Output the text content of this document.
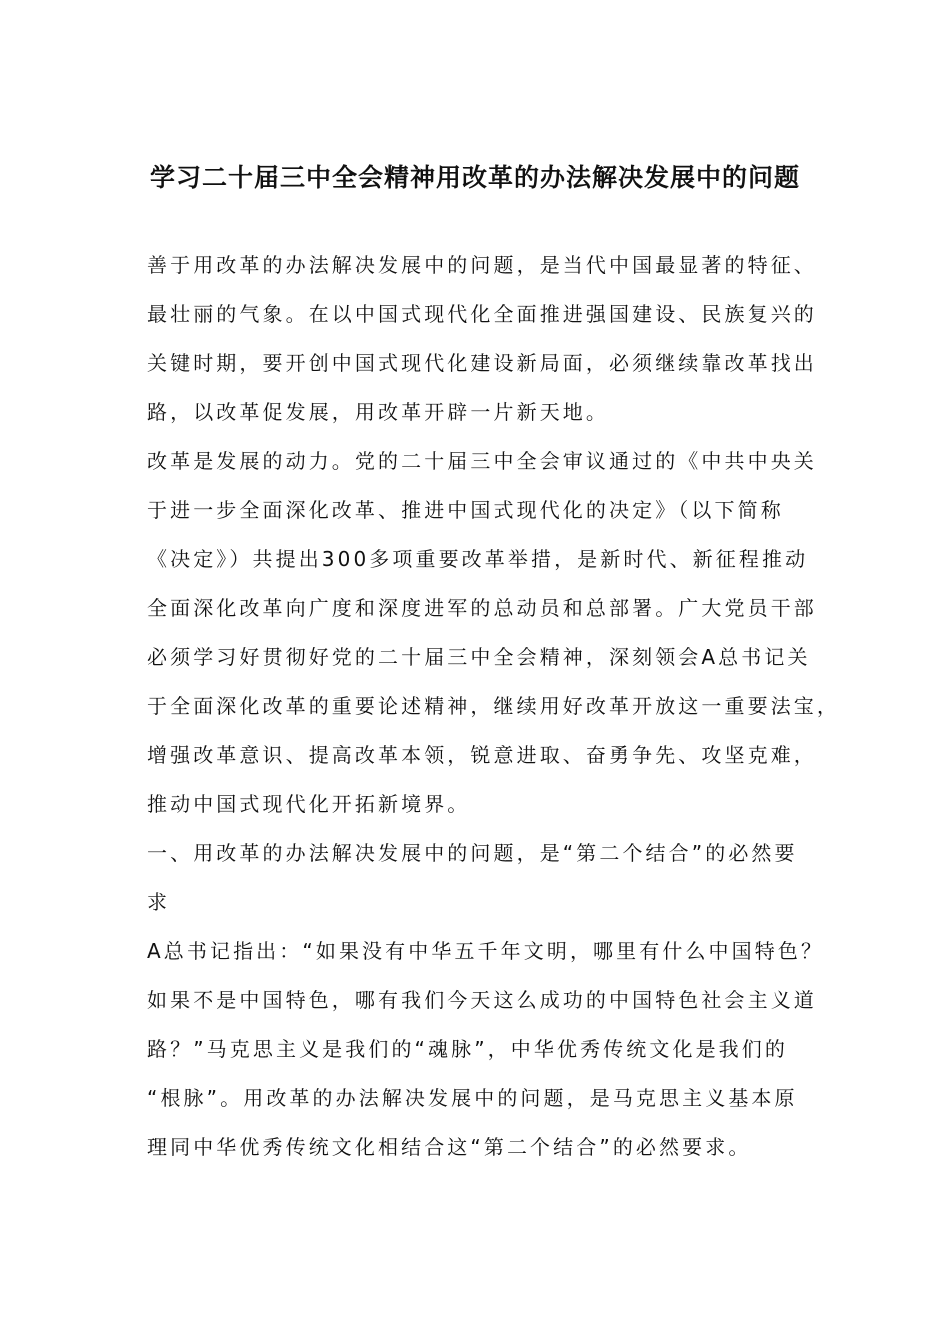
学习二十届三中全会精神用改革的办法解决发展中的问题
善于用改革的办法解决发展中的问题，是当代中国最显著的特征、
最壮丽的气象。在以中国式现代化全面推进强国建设、民族复兴的
关键时期，要开创中国式现代化建设新局面，必须继续靠改革找出
路，以改革促发展，用改革开辟一片新天地。
改革是发展的动力。党的二十届三中全会审议通过的《中共中央关
于进一步全面深化改革、推进中国式现代化的决定》（以下简称
《决定》）共提出300多项重要改革举措，是新时代、新征程推动
全面深化改革向广度和深度进军的总动员和总部署。广大党员干部
必须学习好贯彻好党的二十届三中全会精神，深刻领会A总书记关
于全面深化改革的重要论述精神，继续用好改革开放这一重要法宝，
增强改革意识、提高改革本领，锐意进取、奋勇争先、攻坚克难，
推动中国式现代化开拓新境界。
一、用改革的办法解决发展中的问题，是“第二个结合”的必然要
求
A总书记指出：“如果没有中华五千年文明，哪里有什么中国特色？
如果不是中国特色，哪有我们今天这么成功的中国特色社会主义道
路？”马克思主义是我们的“魂脉”，中华优秀传统文化是我们的
“根脉”。用改革的办法解决发展中的问题，是马克思主义基本原
理同中华优秀传统文化相结合这“第二个结合”的必然要求。
